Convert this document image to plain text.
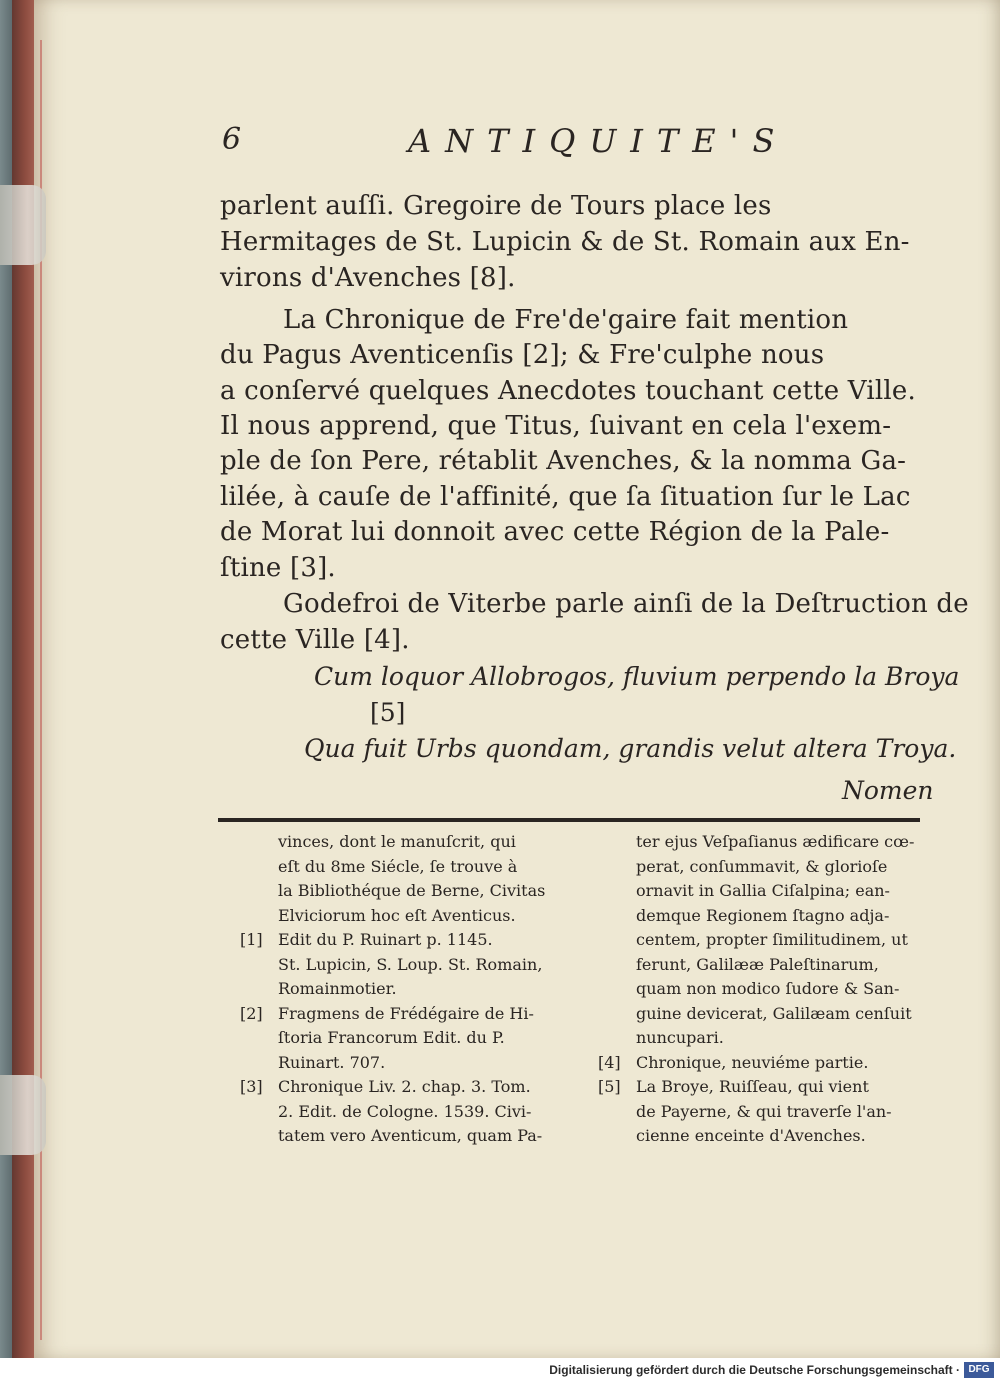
6	ANTIQUITE'S
parlent auſſi. Gregoire de Tours place les
Hermitages de St. Lupicin & de St. Romain aux En-
virons d'Avenches [8].
La Chronique de Fre'de'gaire fait mention
du Pagus Aventicenſis [2]; & Fre'culphe nous
a conſervé quelques Anecdotes touchant cette Ville.
Il nous apprend, que Titus, ſuivant en cela l'exem-
ple de ſon Pere, rétablit Avenches, & la nomma Ga-
lilée, à cauſe de l'affinité, que ſa ſituation ſur le Lac
de Morat lui donnoit avec cette Région de la Pale-
ſtine [3].
Godefroi de Viterbe parle ainſi de la Deſtruction de
cette Ville [4].
Cum loquor Allobrogos, fluvium perpendo la Broya
[5]
Qua fuit Urbs quondam, grandis velut altera Troya.
Nomen
vinces, dont le manuſcrit, qui
eſt du 8me Siécle, ſe trouve à
la Bibliothéque de Berne, Civitas
Elviciorum hoc eſt Aventicus.
[1] Edit du P. Ruinart p. 1145.
St. Lupicin, S. Loup. St. Romain,
Romainmotier.
[2] Fragmens de Frédégaire de Hi-
ſtoria Francorum Edit. du P.
Ruinart. 707.
[3] Chronique Liv. 2. chap. 3. Tom.
2. Edit. de Cologne. 1539. Civi-
tatem vero Aventicum, quam Pa-
ter ejus Veſpaſianus ædificare cœ-
perat, conſummavit, & glorioſe
ornavit in Gallia Ciſalpina; ean-
demque Regionem ſtagno adja-
centem, propter ſimilitudinem, ut
ferunt, Galilææ Paleſtinarum,
quam non modico ſudore & San-
guine devicerat, Galilæam cenſuit
nuncupari.
[4] Chronique, neuviéme partie.
[5] La Broye, Ruiſſeau, qui vient
de Payerne, & qui traverſe l'an-
cienne enceinte d'Avenches.
Digitalisierung gefördert durch die Deutsche Forschungsgemeinschaft · DFG
